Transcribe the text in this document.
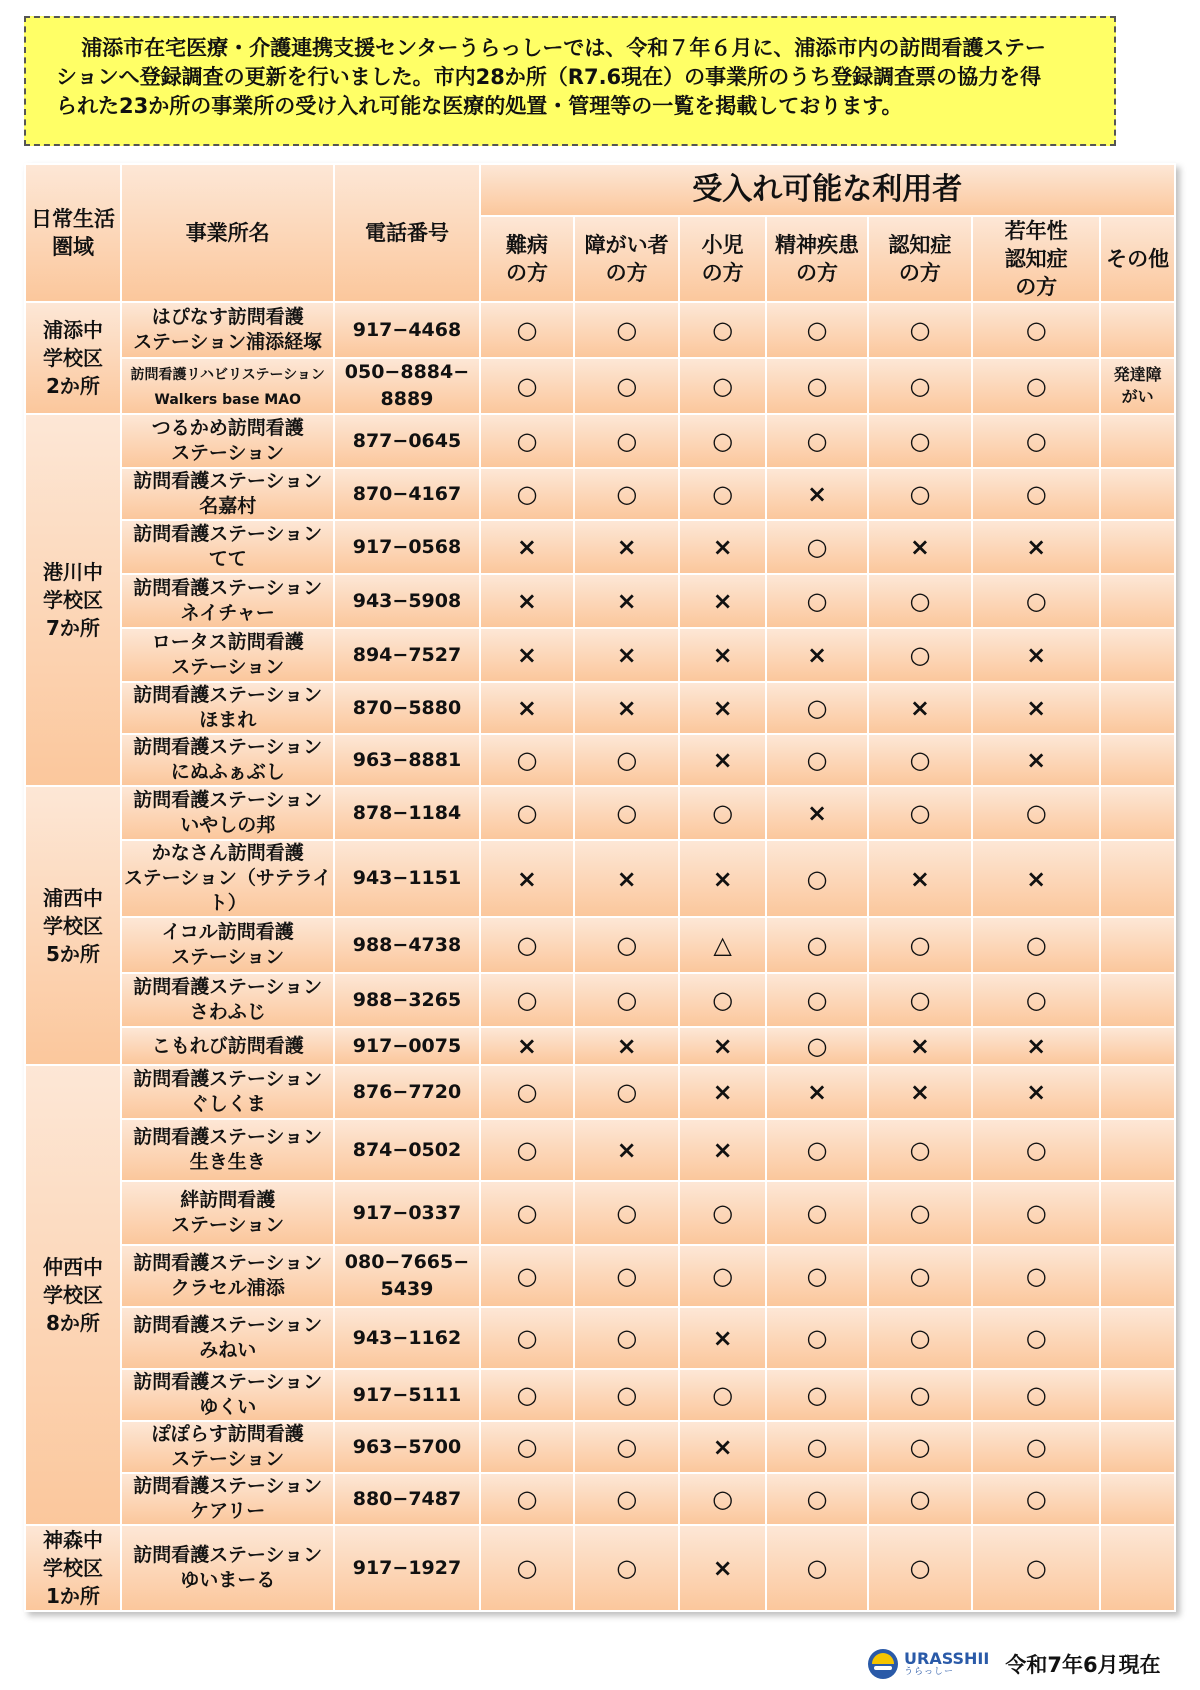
浦添市在宅医療・介護連携支援センターうらっしーでは、令和７年６月に、浦添市内の訪問看護ステー

ションへ登録調査の更新を行いました。市内28か所（R7.6現在）の事業所のうち登録調査票の協力を得
られた23か所の事業所の受け入れ可能な医療的処置・管理等の一覧を掲載しております。
日常生活
圏域	事業所名	電話番号	受入れ可能な利用者						
			難病
の方	障がい者
の方	小児
の方	精神疾患
の方	認知症
の方	若年性
認知症
の方	その他
浦添中
学校区
2か所	はぴなす訪問看護
ステーション浦添経塚	917−4468	○	○	○	○	○	○	
	訪問看護リハビリステーション
Walkers base MAO	050−8884−
8889	○	○	○	○	○	○	発達障
がい
港川中
学校区
7か所	つるかめ訪問看護
ステーション	877−0645	○	○	○	○	○	○	
	訪問看護ステーション
名嘉村	870−4167	○	○	○	×	○	○	
	訪問看護ステーション
てて	917−0568	×	×	×	○	×	×	
	訪問看護ステーション
ネイチャー	943−5908	×	×	×	○	○	○	
	ロータス訪問看護
ステーション	894−7527	×	×	×	×	○	×	
	訪問看護ステーション
ほまれ	870−5880	×	×	×	○	×	×	
	訪問看護ステーション
にぬふぁぶし	963−8881	○	○	×	○	○	×	
浦西中
学校区
5か所	訪問看護ステーション
いやしの邦	878−1184	○	○	○	×	○	○	
	かなさん訪問看護
ステーション（サテライト）	943−1151	×	×	×	○	×	×	
	イコル訪問看護
ステーション	988−4738	○	○	△	○	○	○	
	訪問看護ステーション
さわふじ	988−3265	○	○	○	○	○	○	
	こもれび訪問看護	917−0075	×	×	×	○	×	×	
仲西中
学校区
8か所	訪問看護ステーション
ぐしくま	876−7720	○	○	×	×	×	×	
	訪問看護ステーション
生き生き	874−0502	○	×	×	○	○	○	
	絆訪問看護
ステーション	917−0337	○	○	○	○	○	○	
	訪問看護ステーション
クラセル浦添	080−7665−
5439	○	○	○	○	○	○	
	訪問看護ステーション
みねい	943−1162	○	○	×	○	○	○	
	訪問看護ステーション
ゆくい	917−5111	○	○	○	○	○	○	
	ぽぽらす訪問看護
ステーション	963−5700	○	○	×	○	○	○	
	訪問看護ステーション
ケアリー	880−7487	○	○	○	○	○	○	
神森中
学校区
1か所	訪問看護ステーション
ゆいまーる	917−1927	○	○	×	○	○	○	
URASSHII
うらっしー	令和7年6月現在
